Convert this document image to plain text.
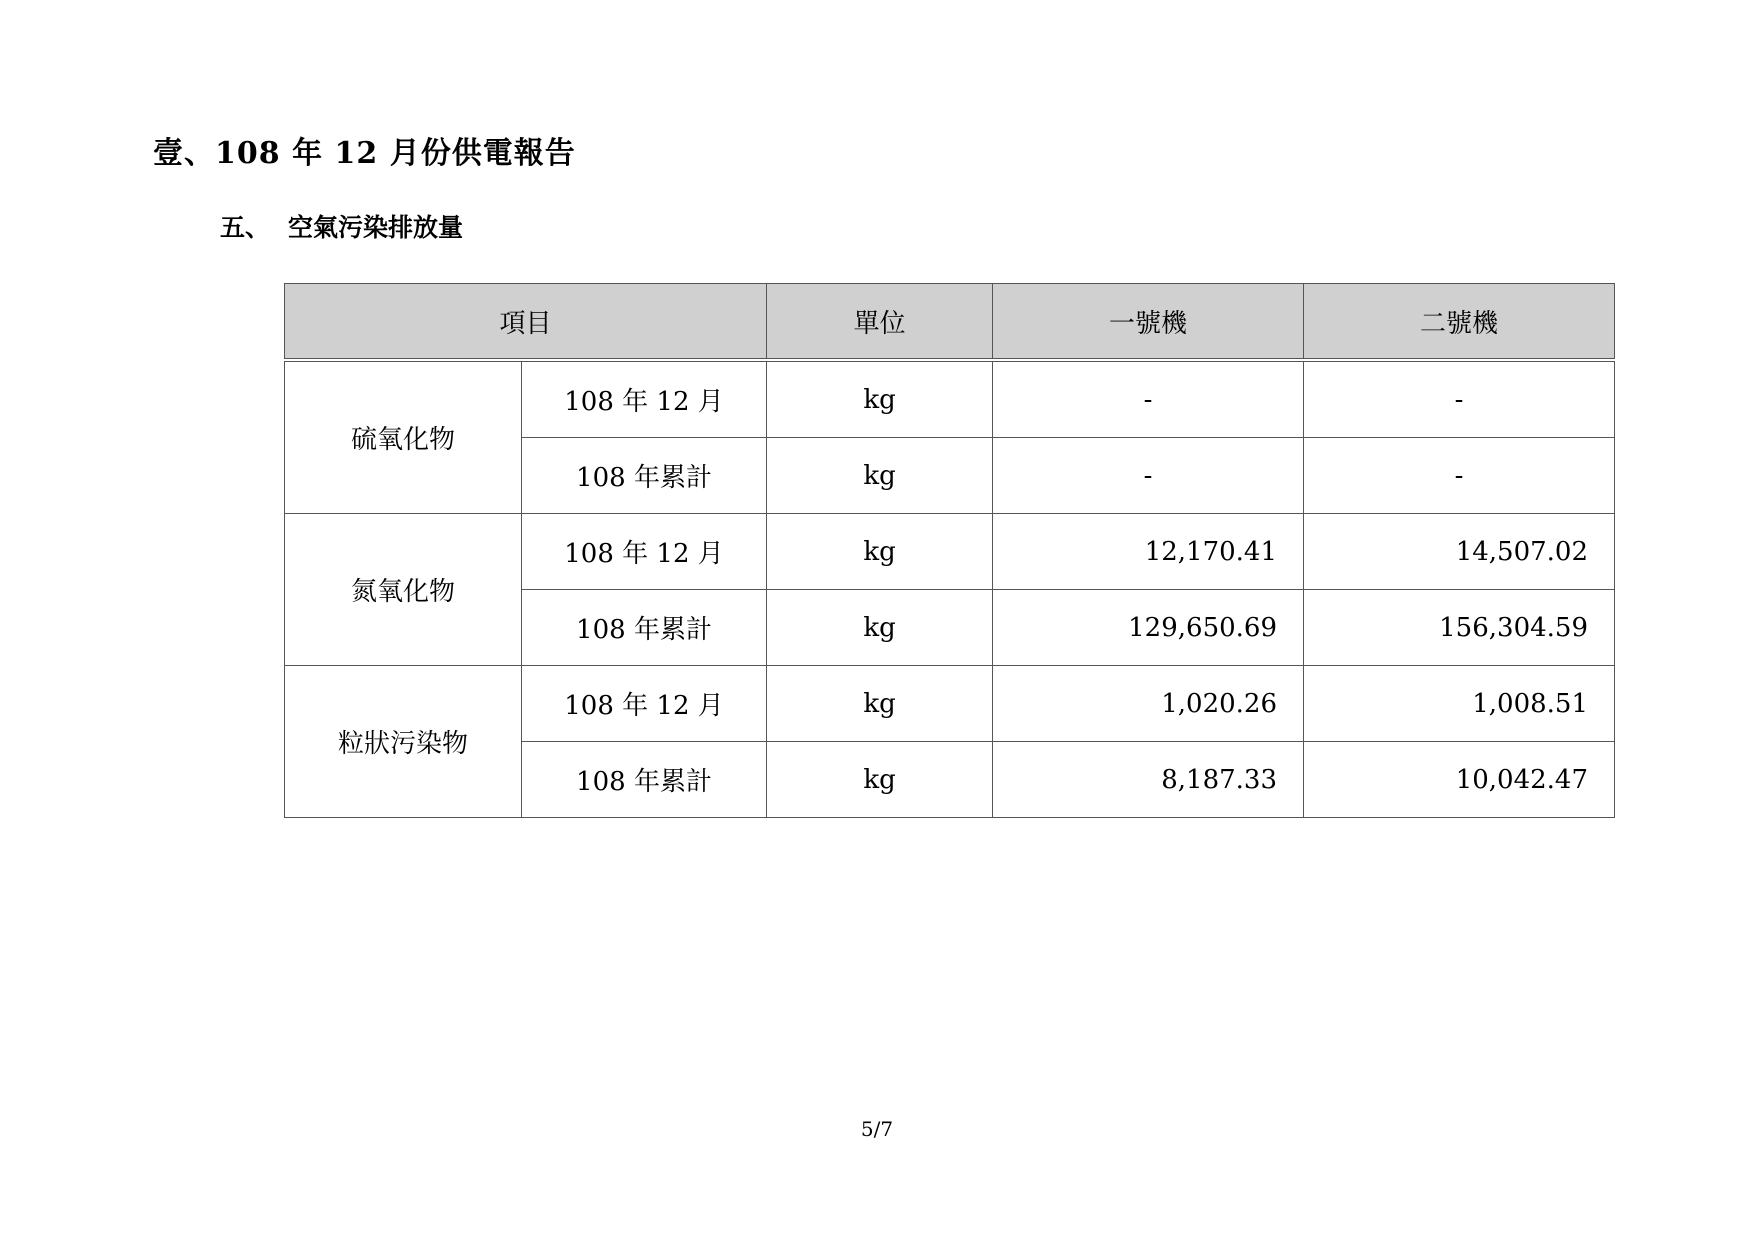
壹、108 年 12 月份供電報告
五、 空氣污染排放量
項目		單位	一號機	二號機
硫氧化物	108 年 12 月	kg	-	-
	108 年累計	kg	-	-
氮氧化物	108 年 12 月	kg	12,170.41	14,507.02
	108 年累計	kg	129,650.69	156,304.59
粒狀污染物	108 年 12 月	kg	1,020.26	1,008.51
	108 年累計	kg	8,187.33	10,042.47
5/7
